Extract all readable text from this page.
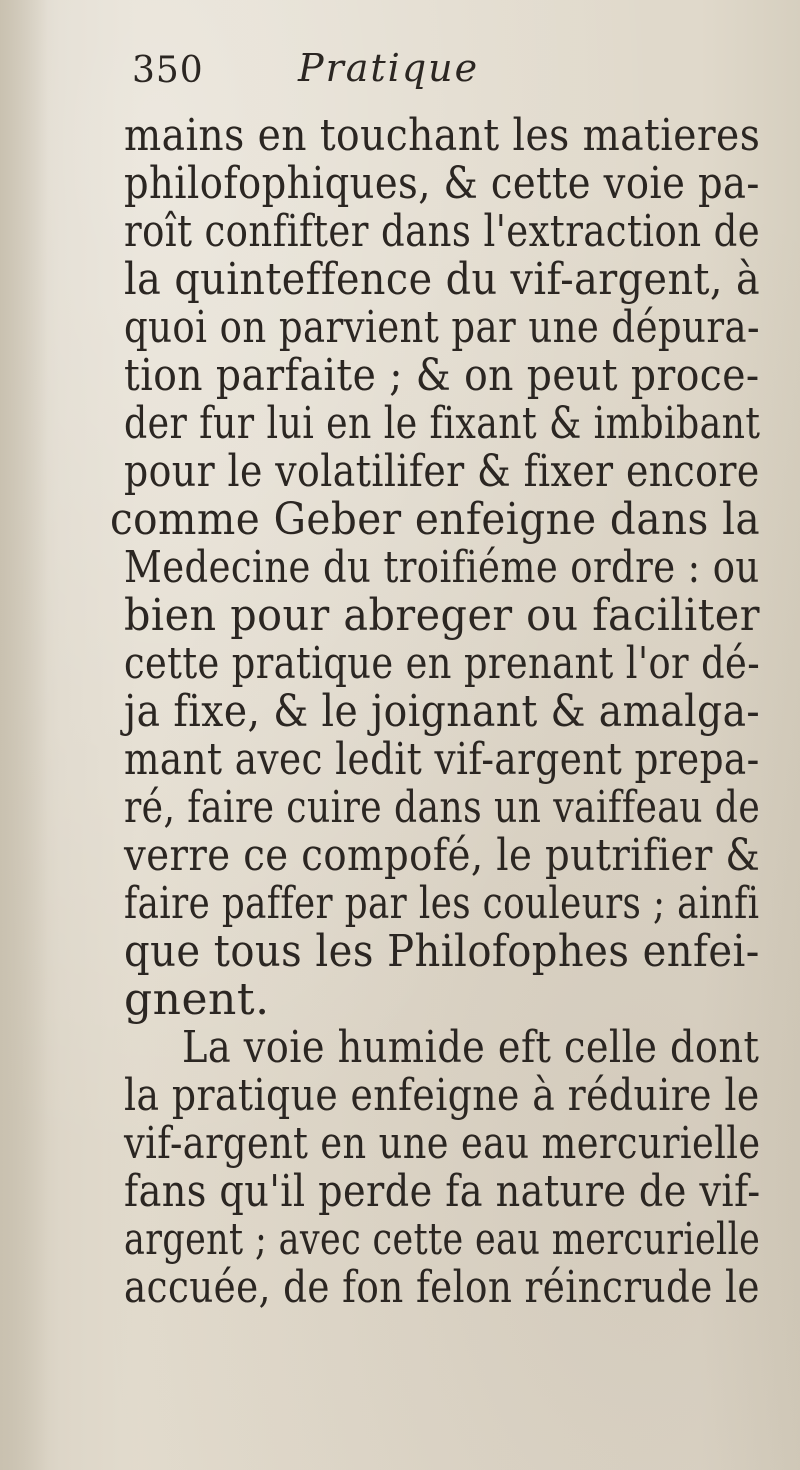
350 Pratique
mains en touchant les matieres
philofophiques, & cette voie pa-
roît confifter dans l'extraction de
la quinteffence du vif-argent, à
quoi on parvient par une dépura-
tion parfaite ; & on peut proce-
der fur lui en le fixant & imbibant
pour le volatilifer & fixer encore
comme Geber enfeigne dans la
Medecine du troifiéme ordre : ou
bien pour abreger ou faciliter
cette pratique en prenant l'or dé-
ja fixe, & le joignant & amalga-
mant avec ledit vif-argent prepa-
ré, faire cuire dans un vaiffeau de
verre ce compofé, le putrifier &
faire paffer par les couleurs ; ainfi
que tous les Philofophes enfei-
gnent.
La voie humide eft celle dont
la pratique enfeigne à réduire le
vif-argent en une eau mercurielle
fans qu'il perde fa nature de vif-
argent ; avec cette eau mercurielle
accuée, de fon felon réincrude le
